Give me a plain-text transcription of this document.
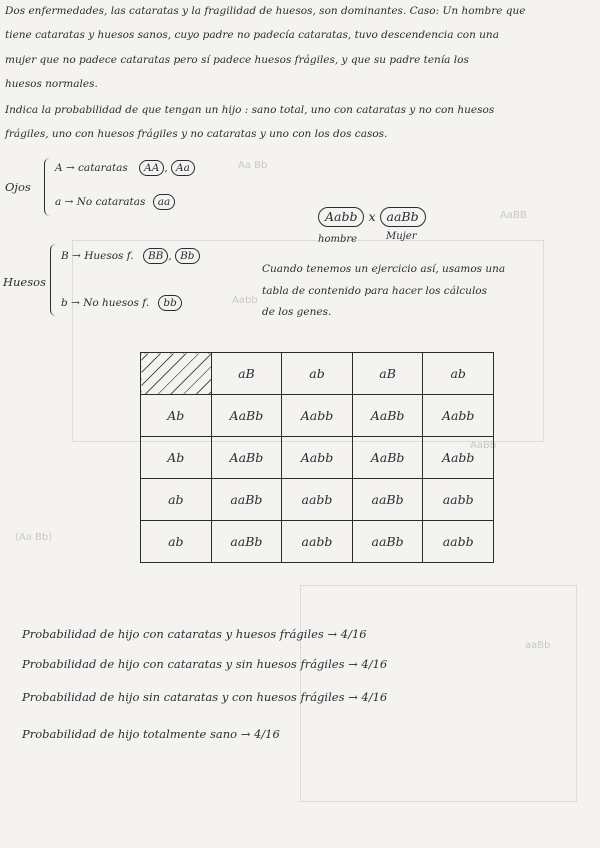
Aa Bb
(Aa Bb)
AaBB
Aabb
AaBb
aaBb
Dos enfermedades, las cataratas y la fragilidad de huesos, son dominantes. Caso: Un hombre que
tiene cataratas y huesos sanos, cuyo padre no padecía cataratas, tuvo descendencia con una
mujer que no padece cataratas pero sí padece huesos frágiles, y que su padre tenía los
huesos normales.
Indica la probabilidad de que tengan un hijo : sano total, uno con cataratas y no con huesos
frágiles, uno con huesos frágiles y no cataratas y uno con los dos casos.
Ojos
A → cataratas AA , Aa
a → No cataratas aa
Aabb x aaBb
hombre	Mujer
Huesos
B → Huesos f. BB , Bb
b → No huesos f. bb
Cuando tenemos un ejercicio así, usamos una
tabla de contenido para hacer los cálculos
de los genes.
	aB	ab	aB	ab
Ab	AaBb	Aabb	AaBb	Aabb
Ab	AaBb	Aabb	AaBb	Aabb
ab	aaBb	aabb	aaBb	aabb
ab	aaBb	aabb	aaBb	aabb
Probabilidad de hijo con cataratas y huesos frágiles → 4/16
Probabilidad de hijo con cataratas y sin huesos frágiles → 4/16
Probabilidad de hijo sin cataratas y con huesos frágiles → 4/16
Probabilidad de hijo totalmente sano → 4/16
